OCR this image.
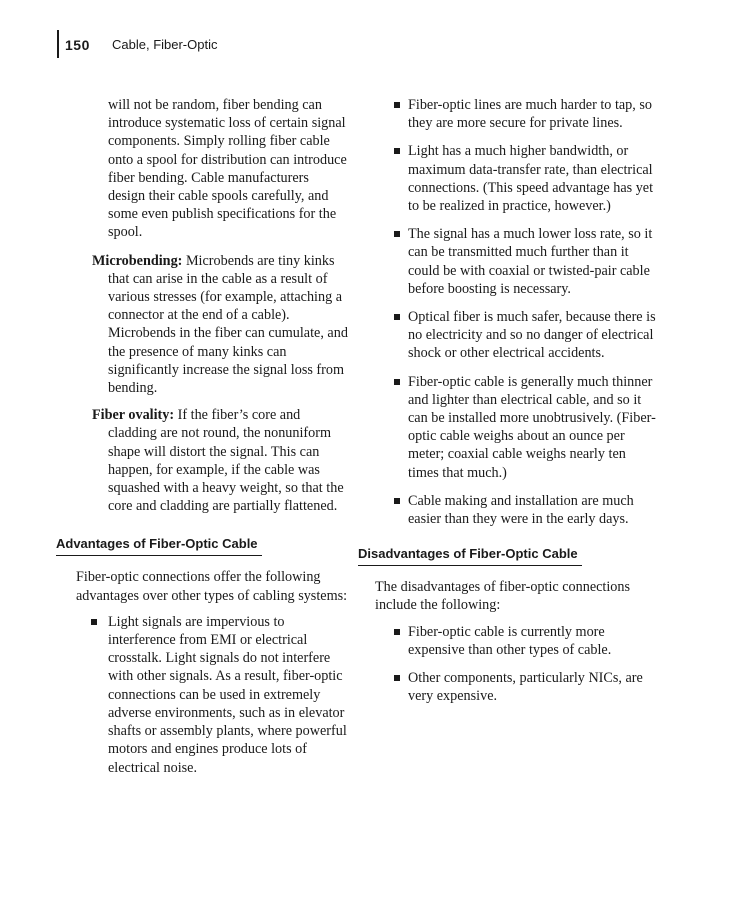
150 Cable, Fiber-Optic

will not be random, fiber bending can introduce systematic loss of certain signal components. Simply rolling fiber cable onto a spool for distribution can introduce fiber bending. Cable manufacturers design their cable spools carefully, and some even publish specifications for the spool.

Microbending: Microbends are tiny kinks that can arise in the cable as a result of various stresses (for example, attaching a connector at the end of a cable). Microbends in the fiber can cumulate, and the presence of many kinks can significantly increase the signal loss from bending.

Fiber ovality: If the fiber’s core and cladding are not round, the nonuniform shape will distort the signal. This can happen, for example, if the cable was squashed with a heavy weight, so that the core and cladding are partially flattened.

Advantages of Fiber-Optic Cable

Fiber-optic connections offer the following advantages over other types of cabling systems:

Light signals are impervious to interference from EMI or electrical crosstalk. Light signals do not interfere with other signals. As a result, fiber-optic connections can be used in extremely adverse environments, such as in elevator shafts or assembly plants, where powerful motors and engines produce lots of electrical noise.
Fiber-optic lines are much harder to tap, so they are more secure for private lines.
Light has a much higher bandwidth, or maximum data-transfer rate, than electrical connections. (This speed advantage has yet to be realized in practice, however.)
The signal has a much lower loss rate, so it can be transmitted much further than it could be with coaxial or twisted-pair cable before boosting is necessary.
Optical fiber is much safer, because there is no electricity and so no danger of electrical shock or other electrical accidents.
Fiber-optic cable is generally much thinner and lighter than electrical cable, and so it can be installed more unobtrusively. (Fiber-optic cable weighs about an ounce per meter; coaxial cable weighs nearly ten times that much.)
Cable making and installation are much easier than they were in the early days.
Disadvantages of Fiber-Optic Cable

The disadvantages of fiber-optic connections include the following:

Fiber-optic cable is currently more expensive than other types of cable.
Other components, particularly NICs, are very expensive.
